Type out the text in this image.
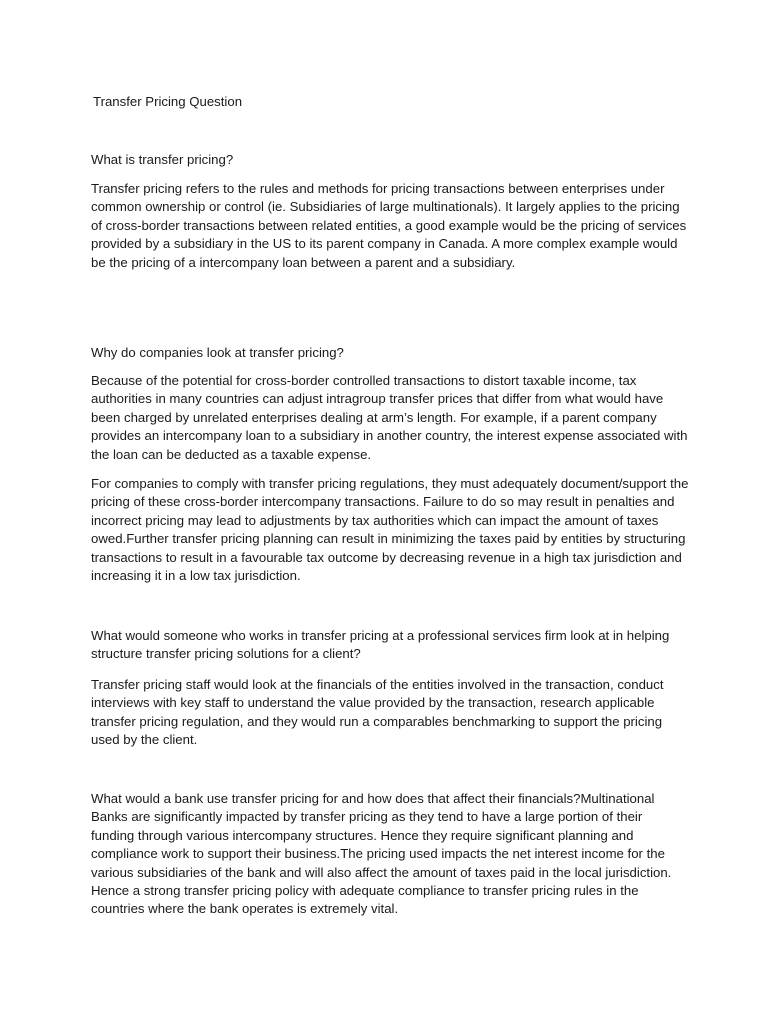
Transfer Pricing Question

What is transfer pricing?

Transfer pricing refers to the rules and methods for pricing transactions between enterprises under common ownership or control (ie. Subsidiaries of large multinationals). It largely applies to the pricing of cross-border transactions between related entities, a good example would be the pricing of services provided by a subsidiary in the US to its parent company in Canada. A more complex example would be the pricing of a intercompany loan between a parent and a subsidiary.

Why do companies look at transfer pricing?

Because of the potential for cross-border controlled transactions to distort taxable income, tax authorities in many countries can adjust intragroup transfer prices that differ from what would have been charged by unrelated enterprises dealing at arm’s length. For example, if a parent company provides an intercompany loan to a subsidiary in another country, the interest expense associated with the loan can be deducted as a taxable expense.

For companies to comply with transfer pricing regulations, they must adequately document/support the pricing of these cross-border intercompany transactions. Failure to do so may result in penalties and incorrect pricing may lead to adjustments by tax authorities which can impact the amount of taxes owed.Further transfer pricing planning can result in minimizing the taxes paid by entities by structuring transactions to result in a favourable tax outcome by decreasing revenue in a high tax jurisdiction and increasing it in a low tax jurisdiction.

What would someone who works in transfer pricing at a professional services firm look at in helping structure transfer pricing solutions for a client?

Transfer pricing staff would look at the financials of the entities involved in the transaction, conduct interviews with key staff to understand the value provided by the transaction, research applicable transfer pricing regulation, and they would run a comparables benchmarking to support the pricing used by the client.

What would a bank use transfer pricing for and how does that affect their financials?Multinational Banks are significantly impacted by transfer pricing as they tend to have a large portion of their funding through various intercompany structures. Hence they require significant planning and compliance work to support their business.The pricing used impacts the net interest income for the various subsidiaries of the bank and will also affect the amount of taxes paid in the local jurisdiction. Hence a strong transfer pricing policy with adequate compliance to transfer pricing rules in the countries where the bank operates is extremely vital.
